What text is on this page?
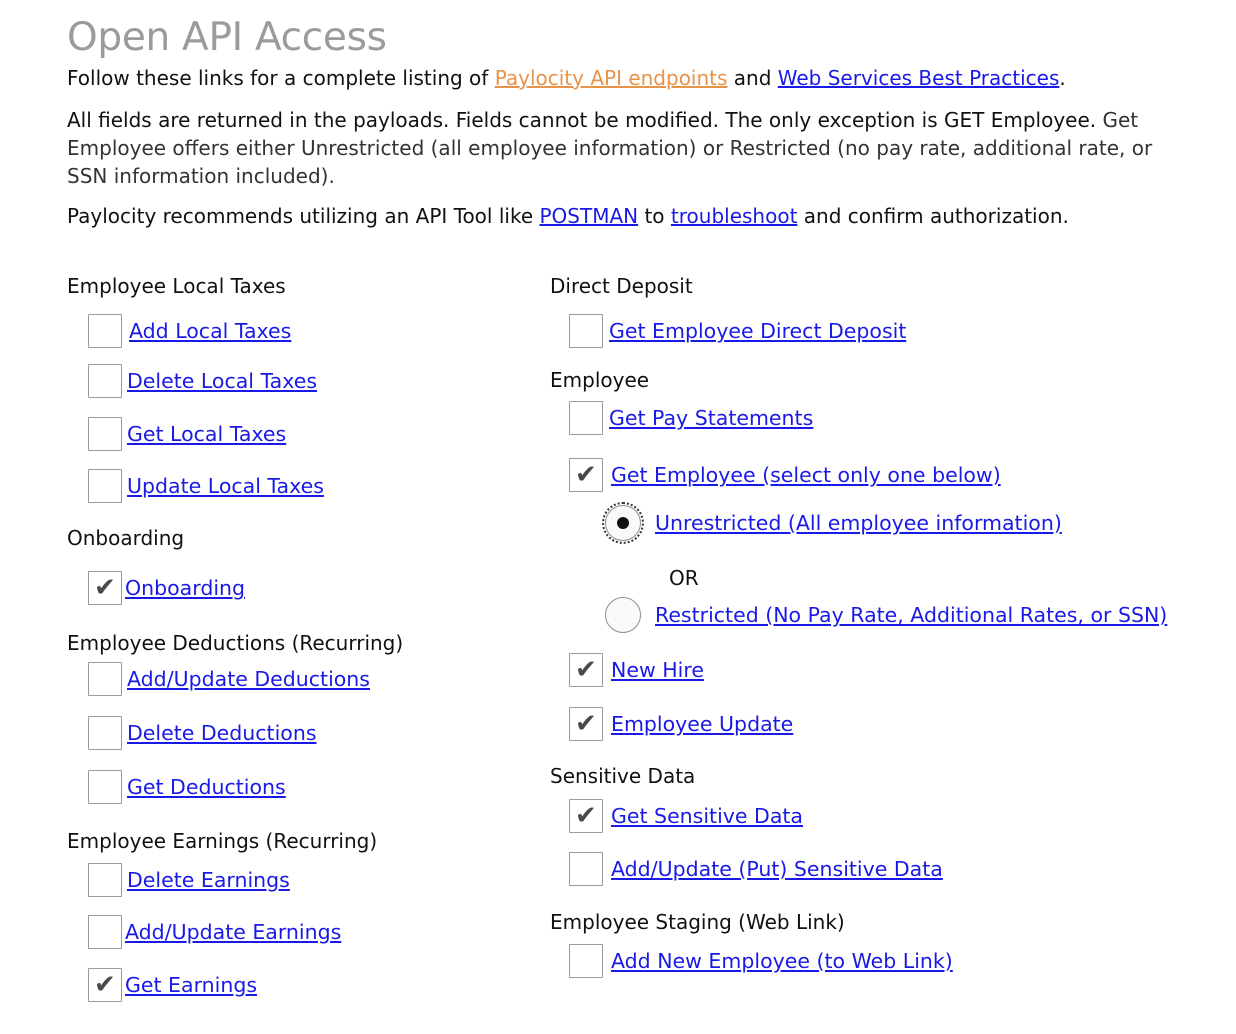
Open API Access
Follow these links for a complete listing of Paylocity API endpoints and Web Services Best Practices.
All fields are returned in the payloads. Fields cannot be modified. The only exception is GET Employee. Get Employee offers either Unrestricted (all employee information) or Restricted (no pay rate, additional rate, or SSN information included).
Paylocity recommends utilizing an API Tool like POSTMAN to troubleshoot and confirm authorization.
Employee Local Taxes
Add Local Taxes
Delete Local Taxes
Get Local Taxes
Update Local Taxes
Onboarding
✔
Onboarding
Employee Deductions (Recurring)
Add/Update Deductions
Delete Deductions
Get Deductions
Employee Earnings (Recurring)
Delete Earnings
Add/Update Earnings
✔
Get Earnings
Direct Deposit
Get Employee Direct Deposit
Employee
Get Pay Statements
✔
Get Employee (select only one below)
Unrestricted (All employee information)
OR
Restricted (No Pay Rate, Additional Rates, or SSN)
✔
New Hire
✔
Employee Update
Sensitive Data
✔
Get Sensitive Data
Add/Update (Put) Sensitive Data
Employee Staging (Web Link)
Add New Employee (to Web Link)
